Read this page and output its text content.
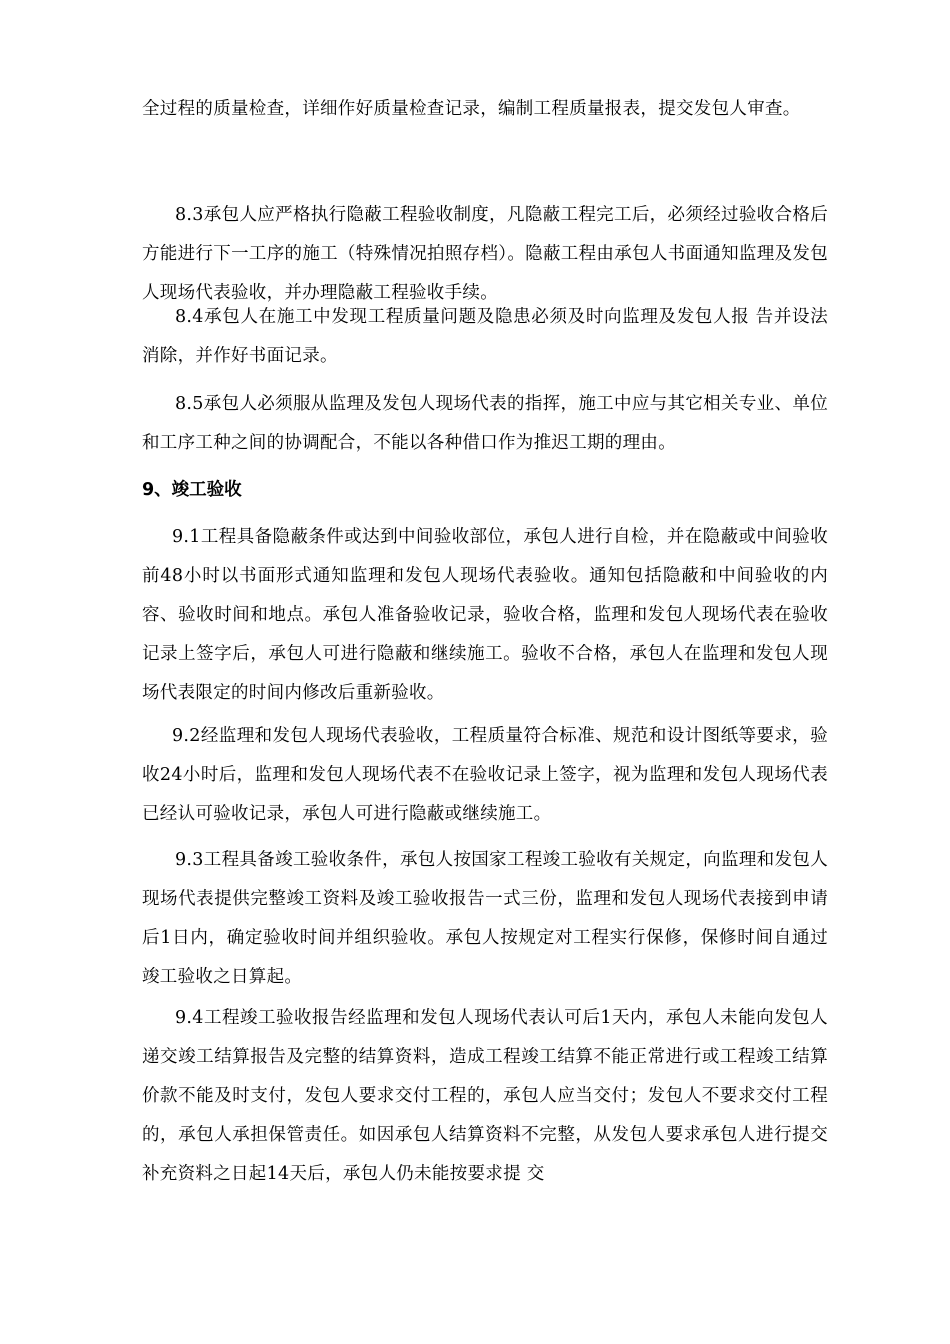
全过程的质量检查，详细作好质量检查记录，编制工程质量报表，提交发包人审查。

8.3承包人应严格执行隐蔽工程验收制度，凡隐蔽工程完工后，必须经过验收合格后方能进行下一工序的施工（特殊情况拍照存档）。隐蔽工程由承包人书面通知监理及发包人现场代表验收，并办理隐蔽工程验收手续。

8.4承包人在施工中发现工程质量问题及隐患必须及时向监理及发包人报 告并设法消除，并作好书面记录。

8.5承包人必须服从监理及发包人现场代表的指挥，施工中应与其它相关专业、单位和工序工种之间的协调配合，不能以各种借口作为推迟工期的理由。

9、竣工验收

9.1工程具备隐蔽条件或达到中间验收部位，承包人进行自检，并在隐蔽或中间验收前48小时以书面形式通知监理和发包人现场代表验收。通知包括隐蔽和中间验收的内容、验收时间和地点。承包人准备验收记录，验收合格，监理和发包人现场代表在验收记录上签字后，承包人可进行隐蔽和继续施工。验收不合格，承包人在监理和发包人现场代表限定的时间内修改后重新验收。

9.2经监理和发包人现场代表验收，工程质量符合标准、规范和设计图纸等要求，验收24小时后，监理和发包人现场代表不在验收记录上签字，视为监理和发包人现场代表已经认可验收记录，承包人可进行隐蔽或继续施工。

9.3工程具备竣工验收条件，承包人按国家工程竣工验收有关规定，向监理和发包人现场代表提供完整竣工资料及竣工验收报告一式三份，监理和发包人现场代表接到申请后1日内，确定验收时间并组织验收。承包人按规定对工程实行保修，保修时间自通过竣工验收之日算起。

9.4工程竣工验收报告经监理和发包人现场代表认可后1天内，承包人未能向发包人递交竣工结算报告及完整的结算资料，造成工程竣工结算不能正常进行或工程竣工结算价款不能及时支付，发包人要求交付工程的，承包人应当交付；发包人不要求交付工程的，承包人承担保管责任。如因承包人结算资料不完整，从发包人要求承包人进行提交补充资料之日起14天后，承包人仍未能按要求提 交
